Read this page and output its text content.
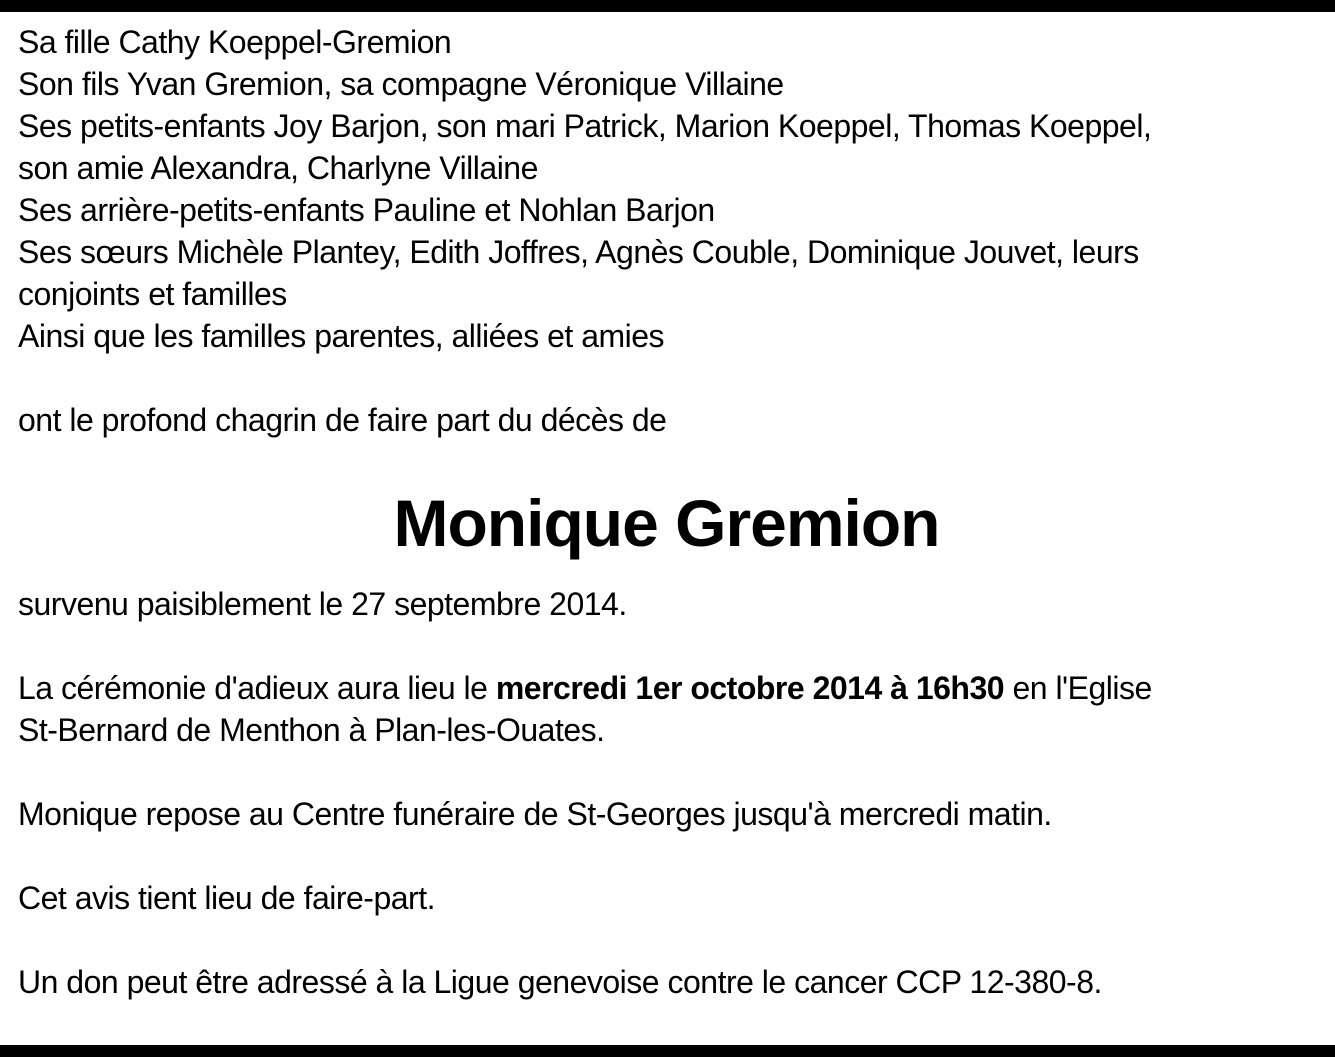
Sa fille Cathy Koeppel-Gremion
Son fils Yvan Gremion, sa compagne Véronique Villaine
Ses petits-enfants Joy Barjon, son mari Patrick, Marion Koeppel, Thomas Koeppel,
son amie Alexandra, Charlyne Villaine
Ses arrière-petits-enfants Pauline et Nohlan Barjon
Ses sœurs Michèle Plantey, Edith Joffres, Agnès Couble, Dominique Jouvet, leurs
conjoints et familles
Ainsi que les familles parentes, alliées et amies
ont le profond chagrin de faire part du décès de
Monique Gremion
survenu paisiblement le 27 septembre 2014.
La cérémonie d'adieux aura lieu le mercredi 1er octobre 2014 à 16h30 en l'Eglise
St-Bernard de Menthon à Plan-les-Ouates.
Monique repose au Centre funéraire de St-Georges jusqu'à mercredi matin.
Cet avis tient lieu de faire-part.
Un don peut être adressé à la Ligue genevoise contre le cancer CCP 12-380-8.
